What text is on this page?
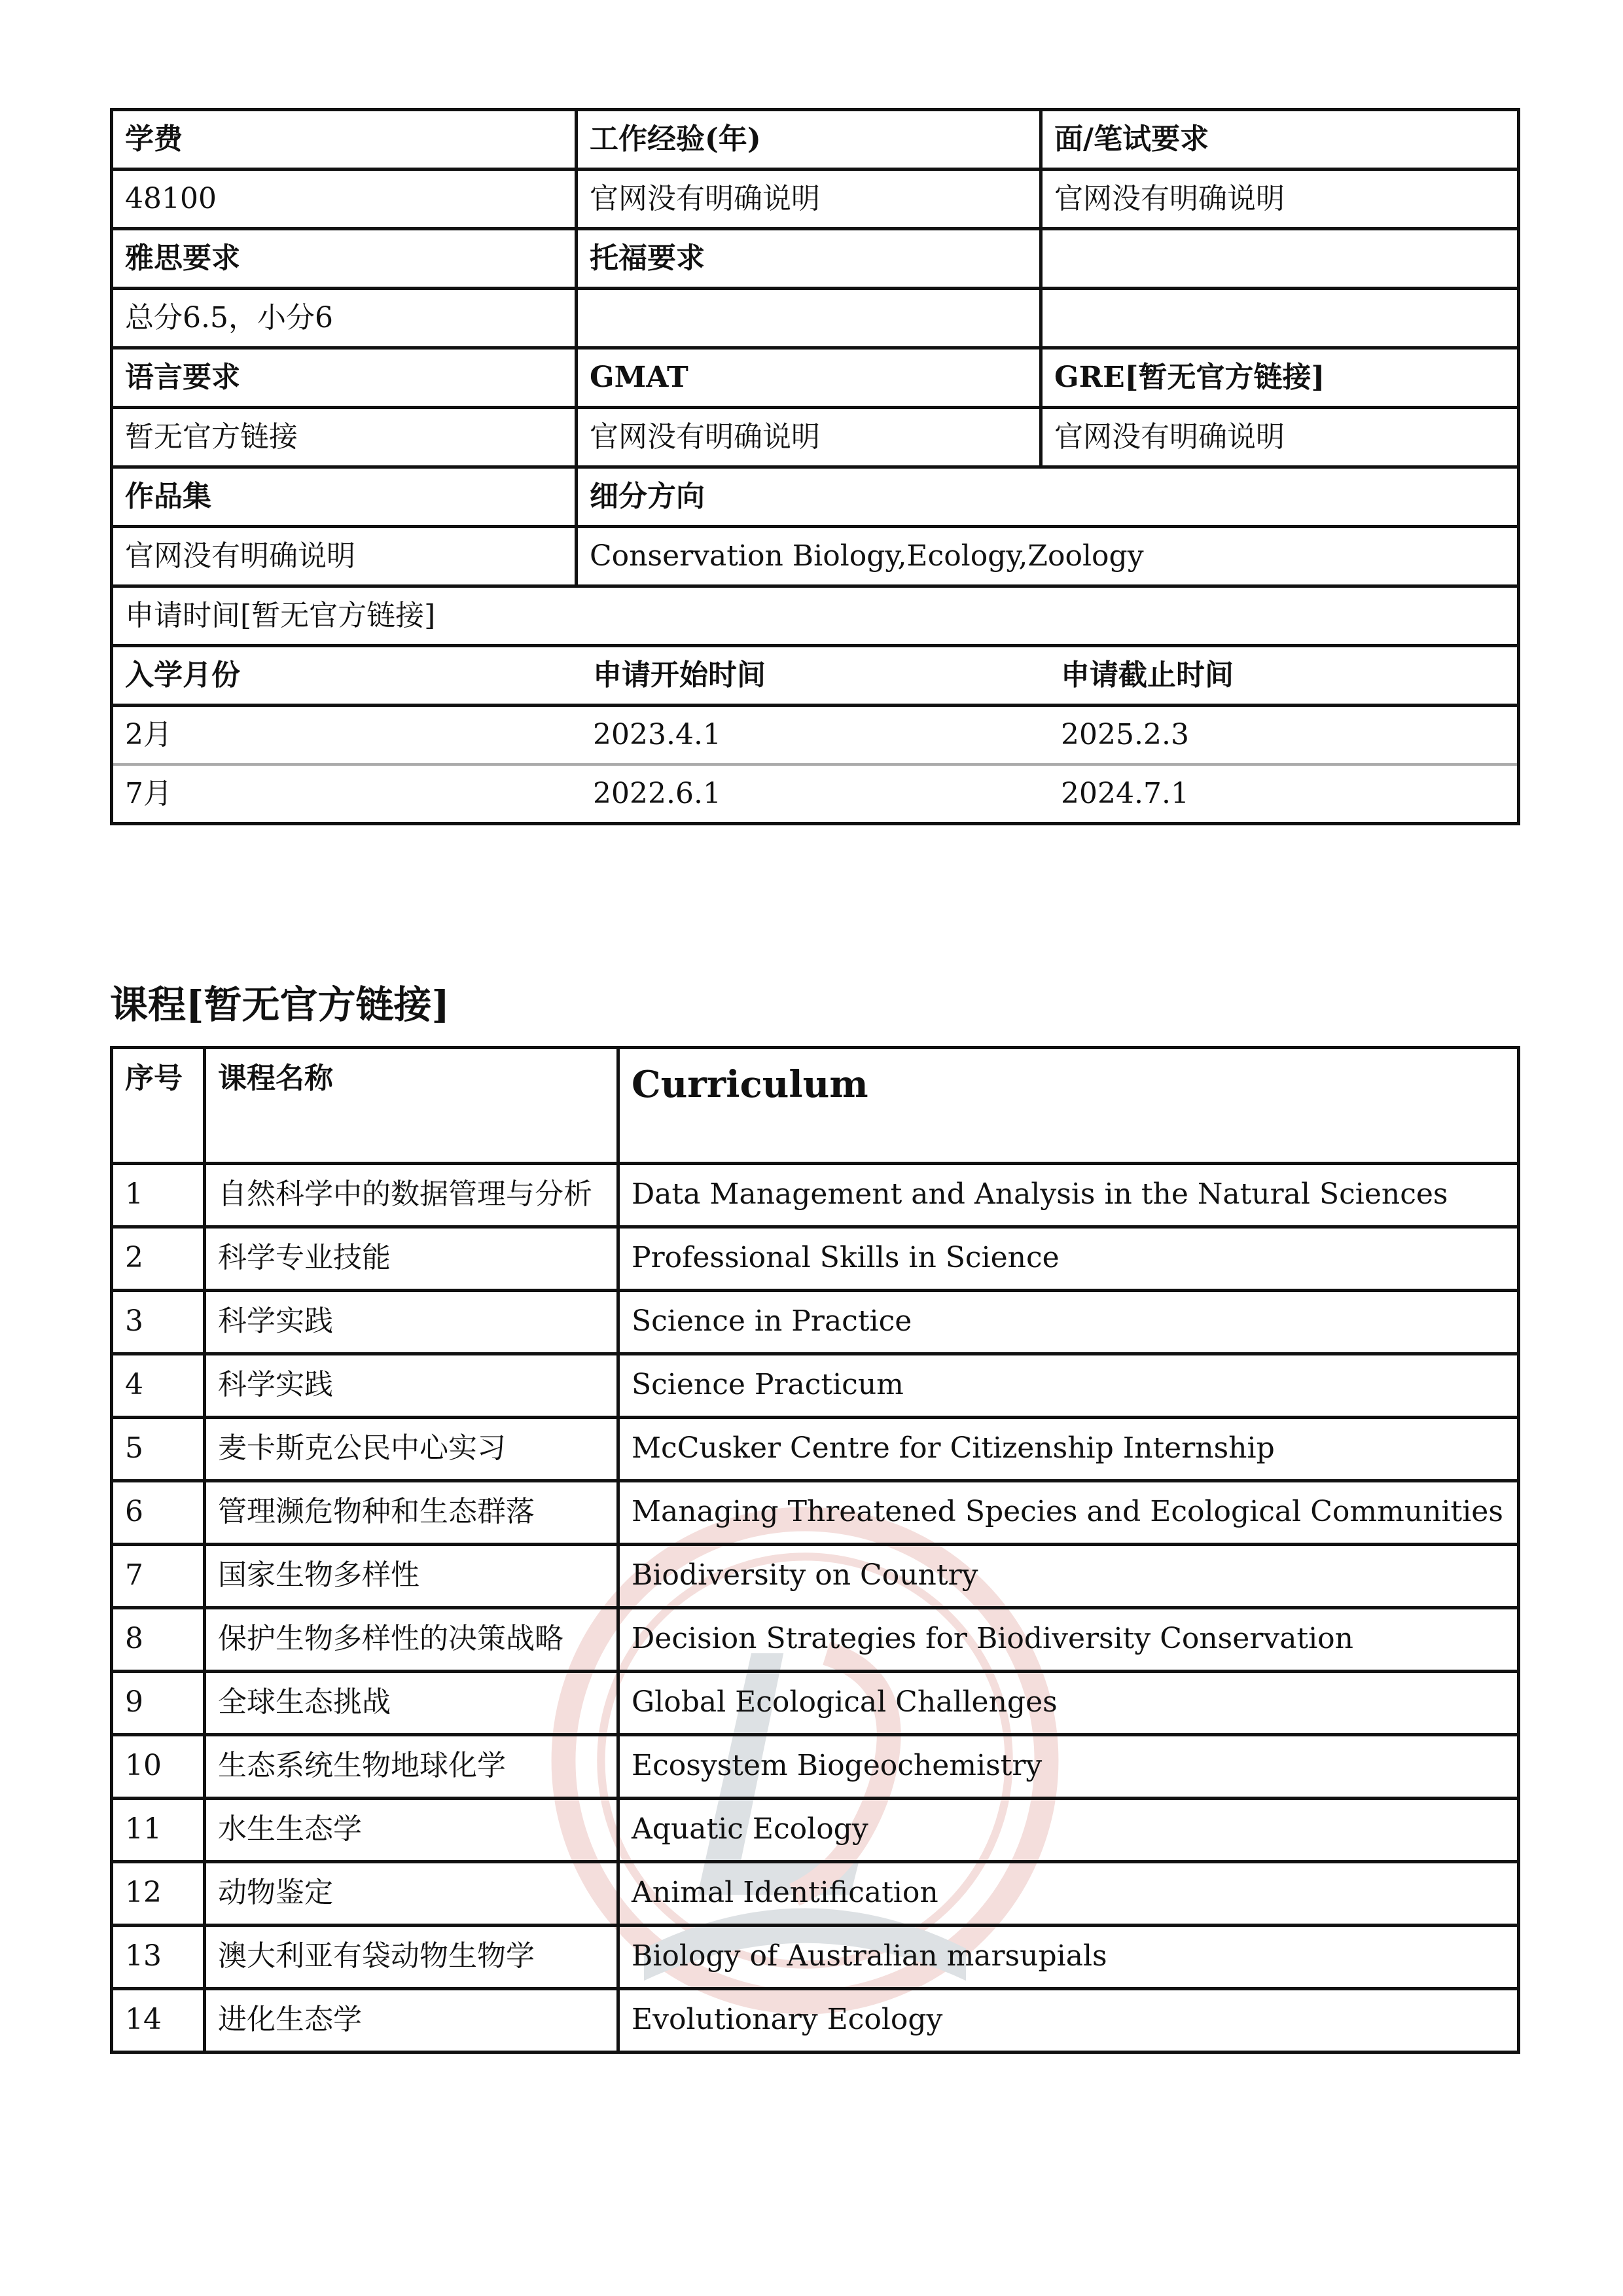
学费	工作经验(年)	面/笔试要求
48100	官网没有明确说明	官网没有明确说明
雅思要求	托福要求	
总分6.5，小分6		
语言要求	GMAT	GRE[暂无官方链接]
暂无官方链接	官网没有明确说明	官网没有明确说明
作品集	细分方向
官网没有明确说明	Conservation Biology,Ecology,Zoology
申请时间[暂无官方链接]

入学月份	申请开始时间	申请截止时间
2月	2023.4.1	2025.2.3
7月	2022.6.1	2024.7.1
课程[暂无官方链接]
序号	课程名称	Curriculum
1	自然科学中的数据管理与分析	Data Management and Analysis in the Natural Sciences
2	科学专业技能	Professional Skills in Science
3	科学实践	Science in Practice
4	科学实践	Science Practicum
5	麦卡斯克公民中心实习	McCusker Centre for Citizenship Internship
6	管理濒危物种和生态群落	Managing Threatened Species and Ecological Communities
7	国家生物多样性	Biodiversity on Country
8	保护生物多样性的决策战略	Decision Strategies for Biodiversity Conservation
9	全球生态挑战	Global Ecological Challenges
10	生态系统生物地球化学	Ecosystem Biogeochemistry
11	水生生态学	Aquatic Ecology
12	动物鉴定	Animal Identification
13	澳大利亚有袋动物生物学	Biology of Australian marsupials
14	进化生态学	Evolutionary Ecology
